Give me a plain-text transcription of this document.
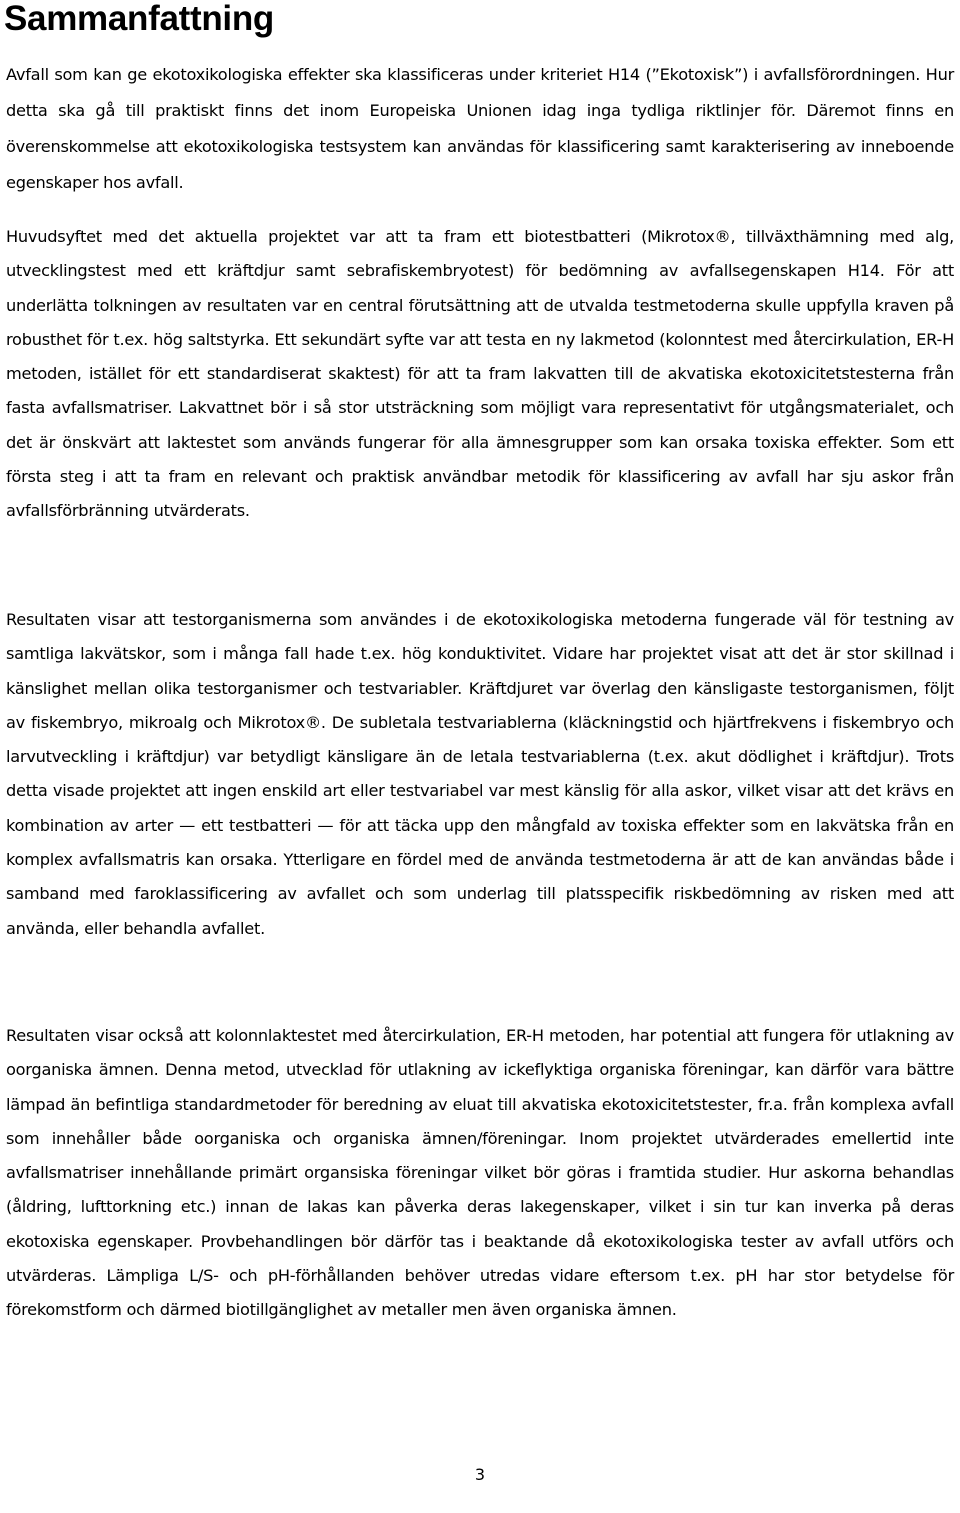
Sammanfattning

Avfall som kan ge ekotoxikologiska effekter ska klassificeras under kriteriet H14 (”Ekotoxisk”) i avfallsförordningen. Hur detta ska gå till praktiskt finns det inom Europeiska Unionen idag inga tydliga riktlinjer för. Däremot finns en överenskommelse att ekotoxikologiska testsystem kan användas för klassificering samt karakterisering av inneboende egenskaper hos avfall.

Huvudsyftet med det aktuella projektet var att ta fram ett biotestbatteri (Mikrotox®, tillväxthämning med alg, utvecklingstest med ett kräftdjur samt sebrafiskembryotest) för bedömning av avfallsegenskapen H14. För att underlätta tolkningen av resultaten var en central förutsättning att de utvalda testmetoderna skulle uppfylla kraven på robusthet för t.ex. hög saltstyrka. Ett sekundärt syfte var att testa en ny lakmetod (kolonntest med återcirkulation, ER-H metoden, istället för ett standardiserat skaktest) för att ta fram lakvatten till de akvatiska ekotoxicitetstesterna från fasta avfallsmatriser. Lakvattnet bör i så stor utsträckning som möjligt vara representativt för utgångsmaterialet, och det är önskvärt att laktestet som används fungerar för alla ämnesgrupper som kan orsaka toxiska effekter. Som ett första steg i att ta fram en relevant och praktisk användbar metodik för klassificering av avfall har sju askor från avfallsförbränning utvärderats.

Resultaten visar att testorganismerna som användes i de ekotoxikologiska metoderna fungerade väl för testning av samtliga lakvätskor, som i många fall hade t.ex. hög konduktivitet. Vidare har projektet visat att det är stor skillnad i känslighet mellan olika testorganismer och testvariabler. Kräftdjuret var överlag den känsligaste testorganismen, följt av fiskembryo, mikroalg och Mikrotox®. De subletala testvariablerna (kläckningstid och hjärtfrekvens i fiskembryo och larvutveckling i kräftdjur) var betydligt känsligare än de letala testvariablerna (t.ex. akut dödlighet i kräftdjur). Trots detta visade projektet att ingen enskild art eller testvariabel var mest känslig för alla askor, vilket visar att det krävs en kombination av arter — ett testbatteri — för att täcka upp den mångfald av toxiska effekter som en lakvätska från en komplex avfallsmatris kan orsaka. Ytterligare en fördel med de använda testmetoderna är att de kan användas både i samband med faroklassificering av avfallet och som underlag till platsspecifik riskbedömning av risken med att använda, eller behandla avfallet.

Resultaten visar också att kolonnlaktestet med återcirkulation, ER-H metoden, har potential att fungera för utlakning av oorganiska ämnen. Denna metod, utvecklad för utlakning av ickeflyktiga organiska föreningar, kan därför vara bättre lämpad än befintliga standardmetoder för beredning av eluat till akvatiska ekotoxicitetstester, fr.a. från komplexa avfall som innehåller både oorganiska och organiska ämnen/föreningar. Inom projektet utvärderades emellertid inte avfallsmatriser innehållande primärt organsiska föreningar vilket bör göras i framtida studier. Hur askorna behandlas (åldring, lufttorkning etc.) innan de lakas kan påverka deras lakegenskaper, vilket i sin tur kan inverka på deras ekotoxiska egenskaper. Provbehandlingen bör därför tas i beaktande då ekotoxikologiska tester av avfall utförs och utvärderas. Lämpliga L/S- och pH-förhållanden behöver utredas vidare eftersom t.ex. pH har stor betydelse för förekomstform och därmed biotillgänglighet av metaller men även organiska ämnen.

3
